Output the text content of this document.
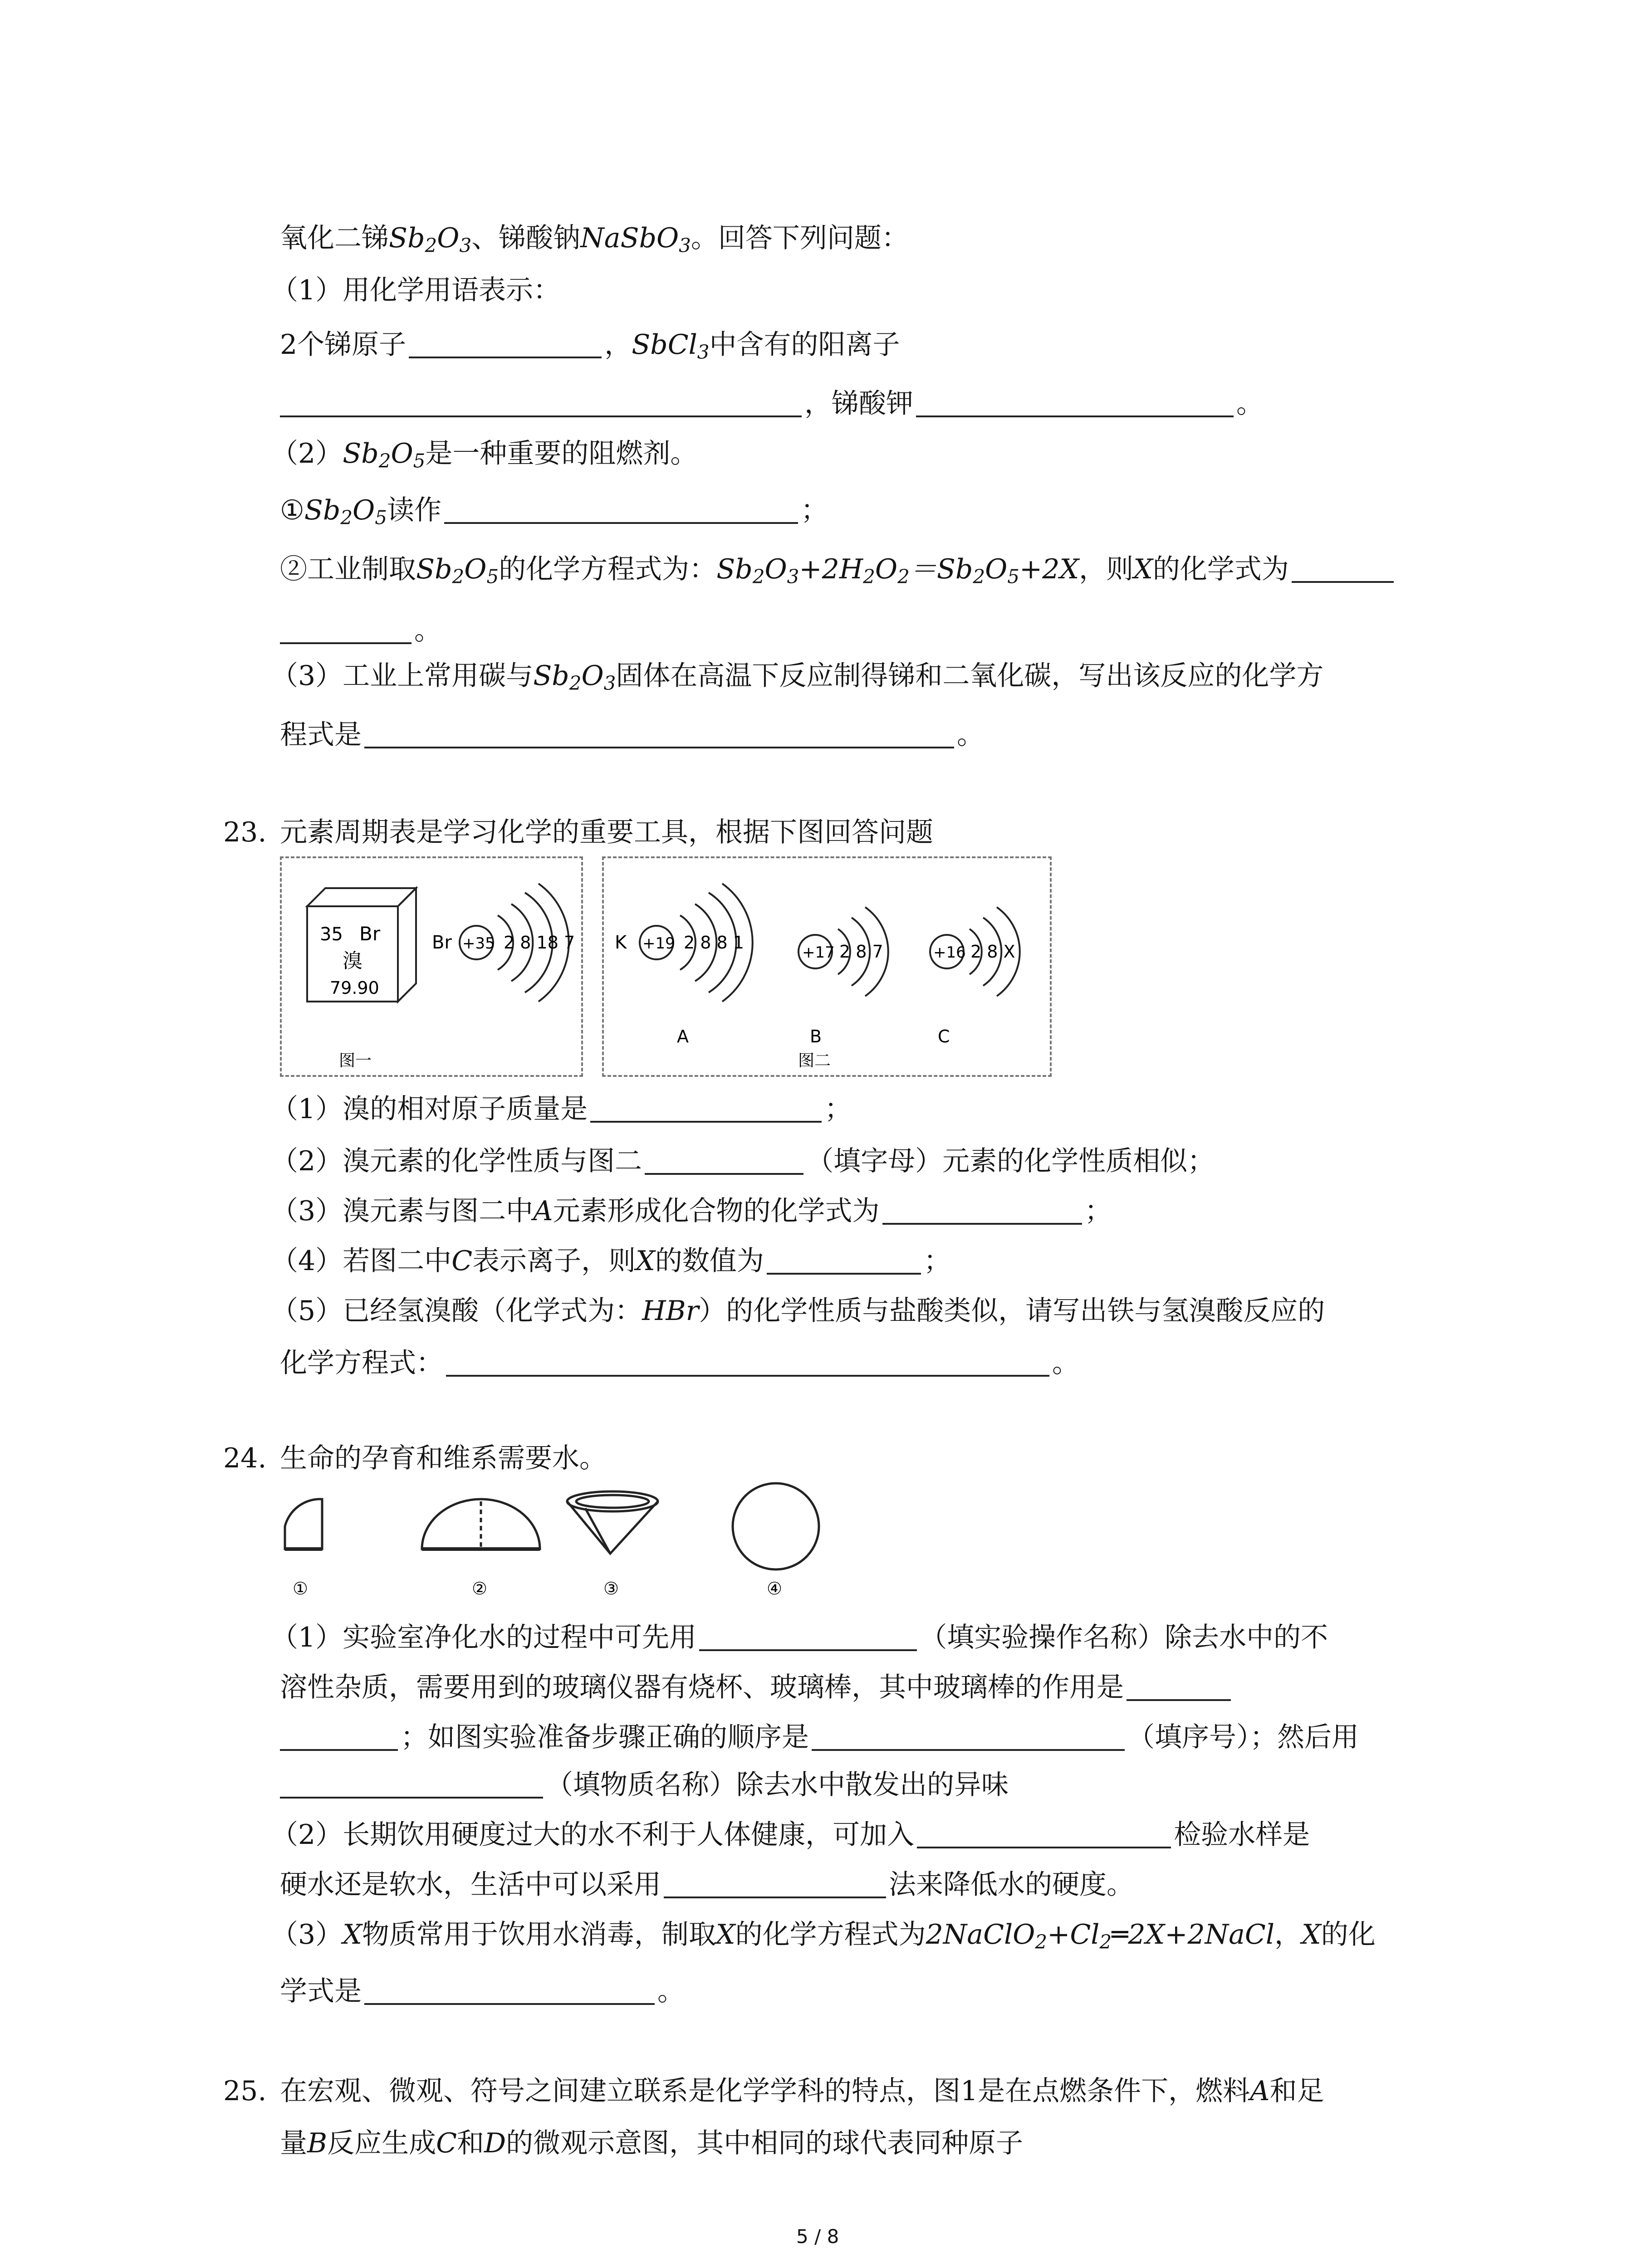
氧化二锑$Sb_2O_3$、锑酸钠NaSbO$_3$。回答下列问题：
（1）用化学用语表示：
2个锑原子	，SbCl$_3$中含有的阳离子
，锑酸钾	。
$(2)Sb_2O_5$是一种重要的阻燃剂。
$①Sb_2O_5$读作	；
②工业制取$Sb_2O_5$的化学方程式为：$Sb_2O_3+2H_2O_2=Sb_2O_5+2X$，则X的化学式为
。
（3）工业上常用碳与$Sb_2O_3$固体在高温下反应制得锑和二氧化碳，写出该反应的化学方
程式是	。
23. 元素周期表是学习化学的重要工具，根据下图回答问题
35 Br
溴
79.90
Br +35 2 8 18 7
图一
K +19 2 8 8 1
A
+17 2 8 7
B
+16 2 8 X
C
图二
（1）溴的相对原子质量是	；
（2）溴元素的化学性质与图二	（填字母）元素的化学性质相似；
（3）溴元素与图二中A元素形成化合物的化学式为	；
（4）若图二中C表示离子，则X的数值为	；
（5）已经氢溴酸（化学式为：HBr）的化学性质与盐酸类似，请写出铁与氢溴酸反应的
化学方程式：	。
24. 生命的孕育和维系需要水。
①	②	③	④
（1）实验室净化水的过程中可先用	（填实验操作名称）除去水中的不
溶性杂质，需要用到的玻璃仪器有烧杯、玻璃棒，其中玻璃棒的作用是
；如图实验准备步骤正确的顺序是	（填序号）；然后用
（填物质名称）除去水中散发出的异味
（2）长期饮用硬度过大的水不利于人体健康，可加入	检验水样是
硬水还是软水，生活中可以采用	法来降低水的硬度。
（3）X物质常用于饮用水消毒，制取X的化学方程式为$2NaClO_2+Cl_2═2X+2NaCl$，X的化
学式是	。
25. 在宏观、微观、符号之间建立联系是化学学科的特点，图1是在点燃条件下，燃料A和足
量B反应生成C和D的微观示意图，其中相同的球代表同种原子
5 / 8
